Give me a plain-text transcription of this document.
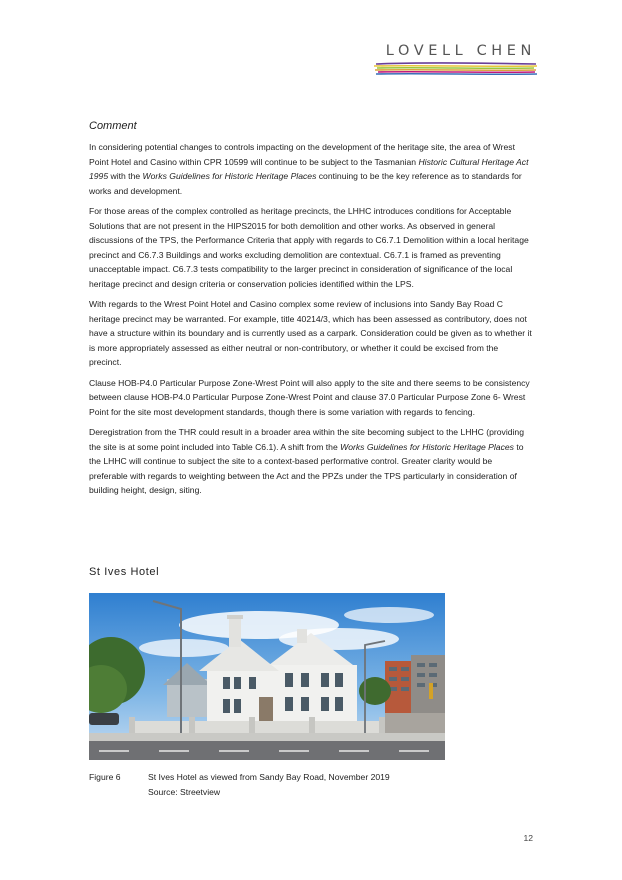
LOVELL CHEN
Comment

In considering potential changes to controls impacting on the development of the heritage site, the area of Wrest Point Hotel and Casino within CPR 10599 will continue to be subject to the Tasmanian Historic Cultural Heritage Act 1995 with the Works Guidelines for Historic Heritage Places continuing to be the key reference as to standards for works and development.

For those areas of the complex controlled as heritage precincts, the LHHC introduces conditions for Acceptable Solutions that are not present in the HIPS2015 for both demolition and other works. As observed in general discussions of the TPS, the Performance Criteria that apply with regards to C6.7.1 Demolition within a local heritage precinct and C6.7.3 Buildings and works excluding demolition are contextual. C6.7.1 is framed as preventing unacceptable impact. C6.7.3 tests compatibility to the larger precinct in consideration of significance of the local heritage precinct and design criteria or conservation policies identified within the LPS.

With regards to the Wrest Point Hotel and Casino complex some review of inclusions into Sandy Bay Road C heritage precinct may be warranted. For example, title 40214/3, which has been assessed as contributory, does not have a structure within its boundary and is currently used as a carpark. Consideration could be given as to whether it is more appropriately assessed as either neutral or non-contributory, or whether it could be excised from the precinct.

Clause HOB-P4.0 Particular Purpose Zone-Wrest Point will also apply to the site and there seems to be consistency between clause HOB-P4.0 Particular Purpose Zone-Wrest Point and clause 37.0 Particular Purpose Zone 6- Wrest Point for the site most development standards, though there is some variation with regards to fencing.

Deregistration from the THR could result in a broader area within the site becoming subject to the LHHC (providing the site is at some point included into Table C6.1). A shift from the Works Guidelines for Historic Heritage Places to the LHHC will continue to subject the site to a context-based performative control. Greater clarity would be preferable with regards to weighting between the Act and the PPZs under the TPS particularly in consideration of building height, design, siting.

St Ives Hotel
Figure 6	St Ives Hotel as viewed from Sandy Bay Road, November 2019
Source: Streetview
12
